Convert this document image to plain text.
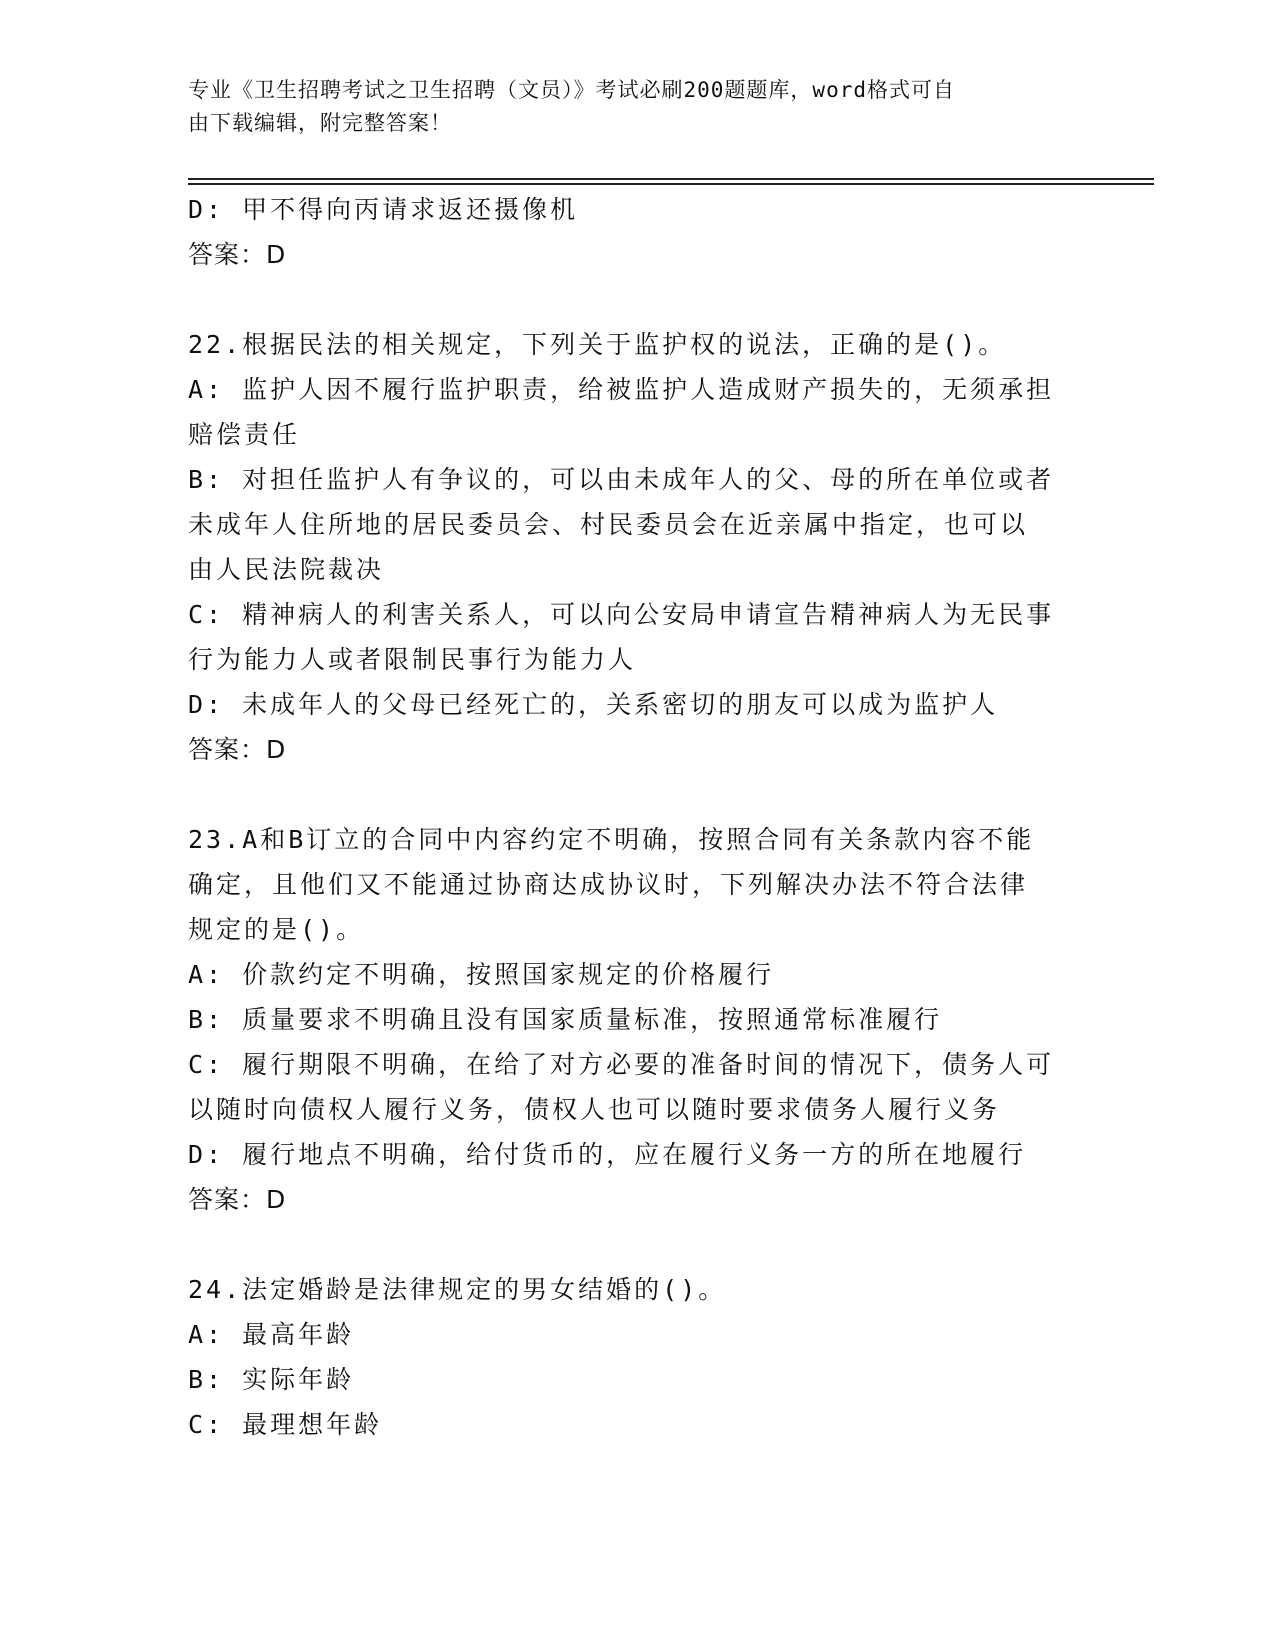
专业《卫生招聘考试之卫生招聘（文员）》考试必刷200题题库，word格式可自
由下载编辑，附完整答案！
D: 甲不得向丙请求返还摄像机
答案：D
22.根据民法的相关规定，下列关于监护权的说法，正确的是()。
A: 监护人因不履行监护职责，给被监护人造成财产损失的，无须承担
赔偿责任
B: 对担任监护人有争议的，可以由未成年人的父、母的所在单位或者
未成年人住所地的居民委员会、村民委员会在近亲属中指定，也可以
由人民法院裁决
C: 精神病人的利害关系人，可以向公安局申请宣告精神病人为无民事
行为能力人或者限制民事行为能力人
D: 未成年人的父母已经死亡的，关系密切的朋友可以成为监护人
答案：D
23.A和B订立的合同中内容约定不明确，按照合同有关条款内容不能
确定，且他们又不能通过协商达成协议时，下列解决办法不符合法律
规定的是()。
A: 价款约定不明确，按照国家规定的价格履行
B: 质量要求不明确且没有国家质量标准，按照通常标准履行
C: 履行期限不明确，在给了对方必要的准备时间的情况下，债务人可
以随时向债权人履行义务，债权人也可以随时要求债务人履行义务
D: 履行地点不明确，给付货币的，应在履行义务一方的所在地履行
答案：D
24.法定婚龄是法律规定的男女结婚的()。
A: 最高年龄
B: 实际年龄
C: 最理想年龄
